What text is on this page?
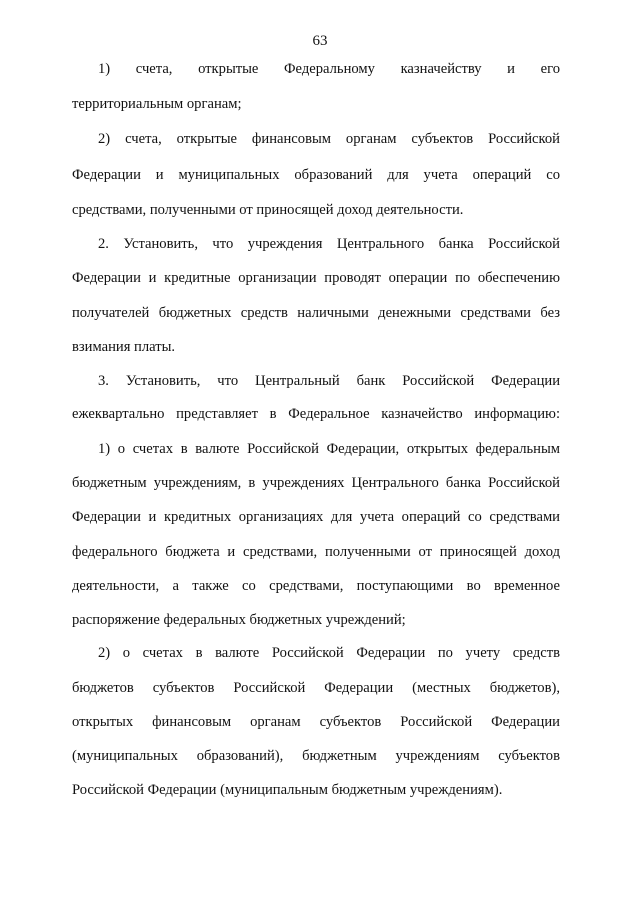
63
1)   счета,   открытые   Федеральному   казначейству   и   его
территориальным органам;
2) счета, открытые финансовым органам субъектов Российской
Федерации и муниципальных образований для учета операций со
средствами, полученными от приносящей доход деятельности.
2. Установить, что учреждения Центрального банка Российской
Федерации и кредитные организации проводят операции по обеспечению
получателей бюджетных средств наличными денежными средствами без
взимания платы.
3. Установить, что Центральный банк Российской Федерации
ежеквартально представляет в Федеральное казначейство информацию:
1) о счетах в валюте Российской Федерации, открытых федеральным
бюджетным учреждениям, в учреждениях Центрального банка Российской
Федерации и кредитных организациях для учета операций со средствами
федерального бюджета и средствами, полученными от приносящей доход
деятельности, а также со средствами, поступающими во временное
распоряжение федеральных бюджетных учреждений;
2) о счетах в валюте Российской Федерации по учету средств
бюджетов субъектов Российской Федерации (местных бюджетов),
открытых финансовым органам субъектов Российской Федерации
(муниципальных образований), бюджетным учреждениям субъектов
Российской Федерации (муниципальным бюджетным учреждениям).
